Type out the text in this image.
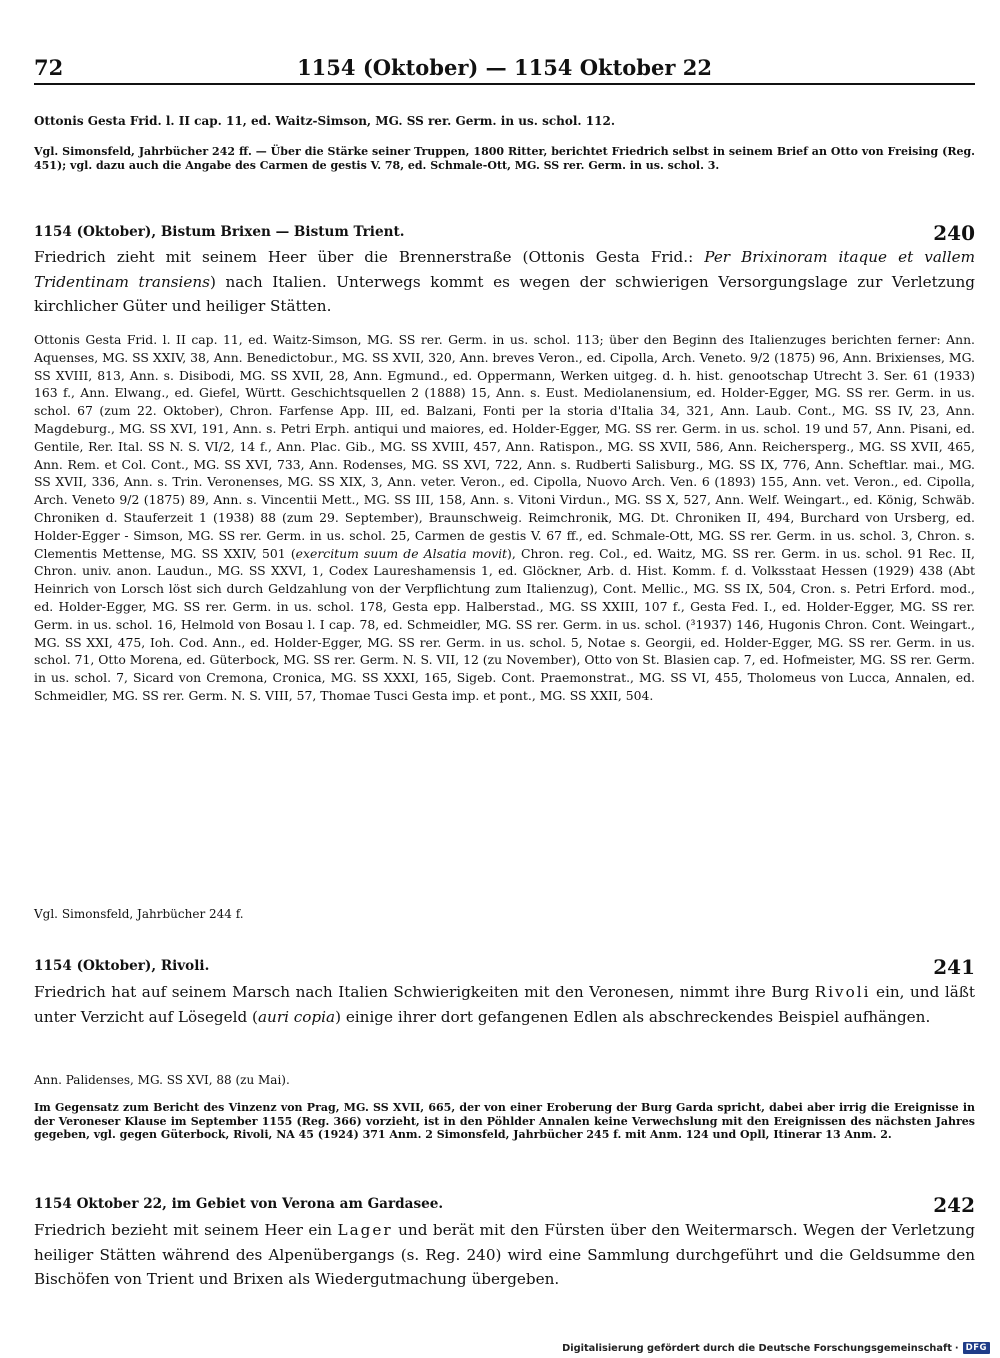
1154 (Oktober) — 1154 Oktober 22
72
Ottonis Gesta Frid. l. II cap. 11, ed. Waitz-Simson, MG. SS rer. Germ. in us. schol. 112.
Vgl. Simonsfeld, Jahrbücher 242 ff. — Über die Stärke seiner Truppen, 1800 Ritter, berichtet Friedrich selbst in seinem Brief an Otto von Freising (Reg. 451); vgl. dazu auch die Angabe des Carmen de gestis V. 78, ed. Schmale-Ott, MG. SS rer. Germ. in us. schol. 3.
1154 (Oktober), Bistum Brixen — Bistum Trient.	240
Friedrich zieht mit seinem Heer über die Brennerstraße (Ottonis Gesta Frid.: Per Brixinoram itaque et vallem Tridentinam transiens) nach Italien. Unterwegs kommt es wegen der schwierigen Versorgungslage zur Verletzung kirchlicher Güter und heiliger Stätten.
Ottonis Gesta Frid. l. II cap. 11, ed. Waitz-Simson, MG. SS rer. Germ. in us. schol. 113; über den Beginn des Italienzuges berichten ferner: Ann. Aquenses, MG. SS XXIV, 38, Ann. Benedictobur., MG. SS XVII, 320, Ann. breves Veron., ed. Cipolla, Arch. Veneto. 9/2 (1875) 96, Ann. Brixienses, MG. SS XVIII, 813, Ann. s. Disibodi, MG. SS XVII, 28, Ann. Egmund., ed. Oppermann, Werken uitgeg. d. h. hist. genootschap Utrecht 3. Ser. 61 (1933) 163 f., Ann. Elwang., ed. Giefel, Württ. Geschichtsquellen 2 (1888) 15, Ann. s. Eust. Mediolanensium, ed. Holder-Egger, MG. SS rer. Germ. in us. schol. 67 (zum 22. Oktober), Chron. Farfense App. III, ed. Balzani, Fonti per la storia d'Italia 34, 321, Ann. Laub. Cont., MG. SS IV, 23, Ann. Magdeburg., MG. SS XVI, 191, Ann. s. Petri Erph. antiqui und maiores, ed. Holder-Egger, MG. SS rer. Germ. in us. schol. 19 und 57, Ann. Pisani, ed. Gentile, Rer. Ital. SS N. S. VI/2, 14 f., Ann. Plac. Gib., MG. SS XVIII, 457, Ann. Ratispon., MG. SS XVII, 586, Ann. Reichersperg., MG. SS XVII, 465, Ann. Rem. et Col. Cont., MG. SS XVI, 733, Ann. Rodenses, MG. SS XVI, 722, Ann. s. Rudberti Salisburg., MG. SS IX, 776, Ann. Scheftlar. mai., MG. SS XVII, 336, Ann. s. Trin. Veronenses, MG. SS XIX, 3, Ann. veter. Veron., ed. Cipolla, Nuovo Arch. Ven. 6 (1893) 155, Ann. vet. Veron., ed. Cipolla, Arch. Veneto 9/2 (1875) 89, Ann. s. Vincentii Mett., MG. SS III, 158, Ann. s. Vitoni Virdun., MG. SS X, 527, Ann. Welf. Weingart., ed. König, Schwäb. Chroniken d. Stauferzeit 1 (1938) 88 (zum 29. September), Braunschweig. Reimchronik, MG. Dt. Chroniken II, 494, Burchard von Ursberg, ed. Holder-Egger - Simson, MG. SS rer. Germ. in us. schol. 25, Carmen de gestis V. 67 ff., ed. Schmale-Ott, MG. SS rer. Germ. in us. schol. 3, Chron. s. Clementis Mettense, MG. SS XXIV, 501 (exercitum suum de Alsatia movit), Chron. reg. Col., ed. Waitz, MG. SS rer. Germ. in us. schol. 91 Rec. II, Chron. univ. anon. Laudun., MG. SS XXVI, 1, Codex Laureshamensis 1, ed. Glöckner, Arb. d. Hist. Komm. f. d. Volksstaat Hessen (1929) 438 (Abt Heinrich von Lorsch löst sich durch Geldzahlung von der Verpflichtung zum Italienzug), Cont. Mellic., MG. SS IX, 504, Cron. s. Petri Erford. mod., ed. Holder-Egger, MG. SS rer. Germ. in us. schol. 178, Gesta epp. Halberstad., MG. SS XXIII, 107 f., Gesta Fed. I., ed. Holder-Egger, MG. SS rer. Germ. in us. schol. 16, Helmold von Bosau l. I cap. 78, ed. Schmeidler, MG. SS rer. Germ. in us. schol. (³1937) 146, Hugonis Chron. Cont. Weingart., MG. SS XXI, 475, Ioh. Cod. Ann., ed. Holder-Egger, MG. SS rer. Germ. in us. schol. 5, Notae s. Georgii, ed. Holder-Egger, MG. SS rer. Germ. in us. schol. 71, Otto Morena, ed. Güterbock, MG. SS rer. Germ. N. S. VII, 12 (zu November), Otto von St. Blasien cap. 7, ed. Hofmeister, MG. SS rer. Germ. in us. schol. 7, Sicard von Cremona, Cronica, MG. SS XXXI, 165, Sigeb. Cont. Praemonstrat., MG. SS VI, 455, Tholomeus von Lucca, Annalen, ed. Schmeidler, MG. SS rer. Germ. N. S. VIII, 57, Thomae Tusci Gesta imp. et pont., MG. SS XXII, 504.
Vgl. Simonsfeld, Jahrbücher 244 f.
1154 (Oktober), Rivoli.	241
Friedrich hat auf seinem Marsch nach Italien Schwierigkeiten mit den Veronesen, nimmt ihre Burg Rivoli ein, und läßt unter Verzicht auf Lösegeld (auri copia) einige ihrer dort gefangenen Edlen als abschreckendes Beispiel aufhängen.
Ann. Palidenses, MG. SS XVI, 88 (zu Mai).
Im Gegensatz zum Bericht des Vinzenz von Prag, MG. SS XVII, 665, der von einer Eroberung der Burg Garda spricht, dabei aber irrig die Ereignisse in der Veroneser Klause im September 1155 (Reg. 366) vorzieht, ist in den Pöhlder Annalen keine Verwechslung mit den Ereignissen des nächsten Jahres gegeben, vgl. gegen Güterbock, Rivoli, NA 45 (1924) 371 Anm. 2 Simonsfeld, Jahrbücher 245 f. mit Anm. 124 und Opll, Itinerar 13 Anm. 2.
1154 Oktober 22, im Gebiet von Verona am Gardasee.	242
Friedrich bezieht mit seinem Heer ein Lager und berät mit den Fürsten über den Weitermarsch. Wegen der Verletzung heiliger Stätten während des Alpenübergangs (s. Reg. 240) wird eine Sammlung durchgeführt und die Geldsumme den Bischöfen von Trient und Brixen als Wiedergutmachung übergeben.
Digitalisierung gefördert durch die Deutsche Forschungsgemeinschaft · DFG
